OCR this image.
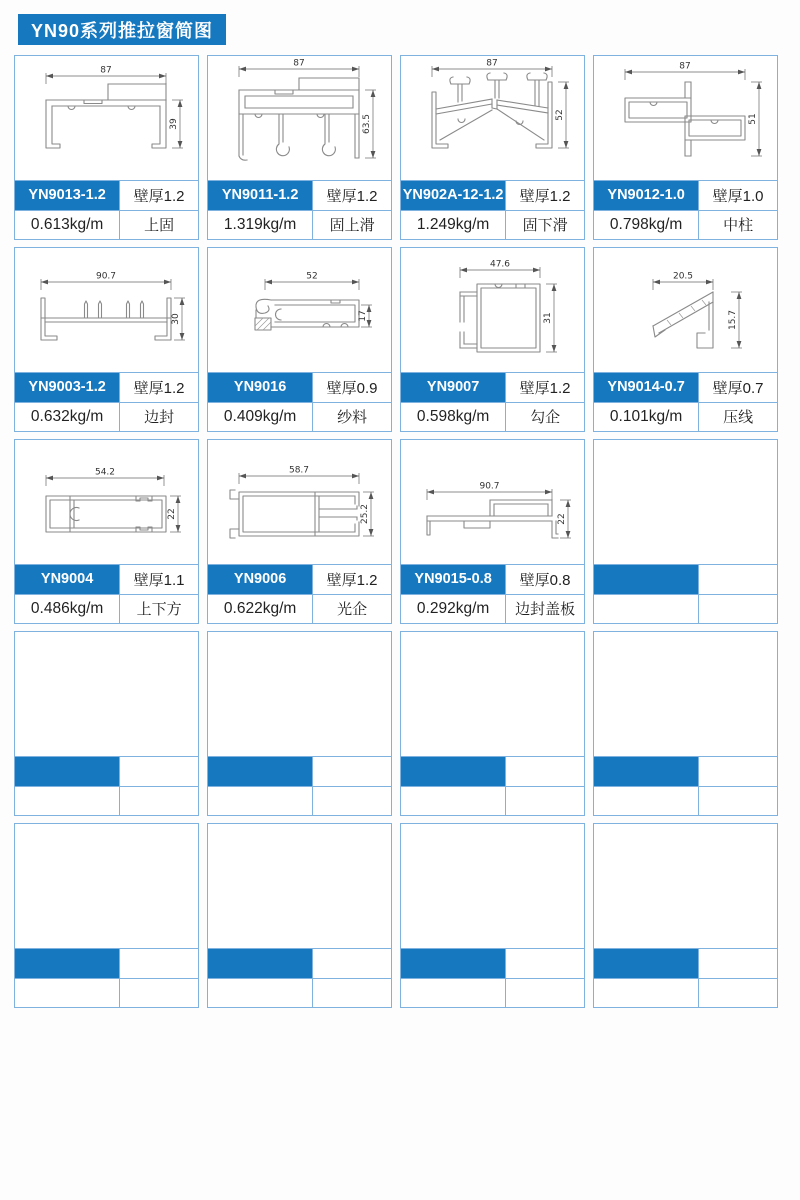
YN90系列推拉窗简图
87
39
YN9013-1.2	壁厚1.2
0.613kg/m	上固
87
63.5
YN9011-1.2	壁厚1.2
1.319kg/m	固上滑
87
52
YN902A-12-1.2	壁厚1.2
1.249kg/m	固下滑
87
51
YN9012-1.0	壁厚1.0
0.798kg/m	中柱
90.7
30
YN9003-1.2	壁厚1.2
0.632kg/m	边封
52
17
YN9016	壁厚0.9
0.409kg/m	纱料
47.6
31
YN9007	壁厚1.2
0.598kg/m	勾企
20.5
15.7
YN9014-0.7	壁厚0.7
0.101kg/m	压线
54.2
22
YN9004	壁厚1.1
0.486kg/m	上下方
58.7
25.2
YN9006	壁厚1.2
0.622kg/m	光企
90.7
22
YN9015-0.8	壁厚0.8
0.292kg/m	边封盖板
